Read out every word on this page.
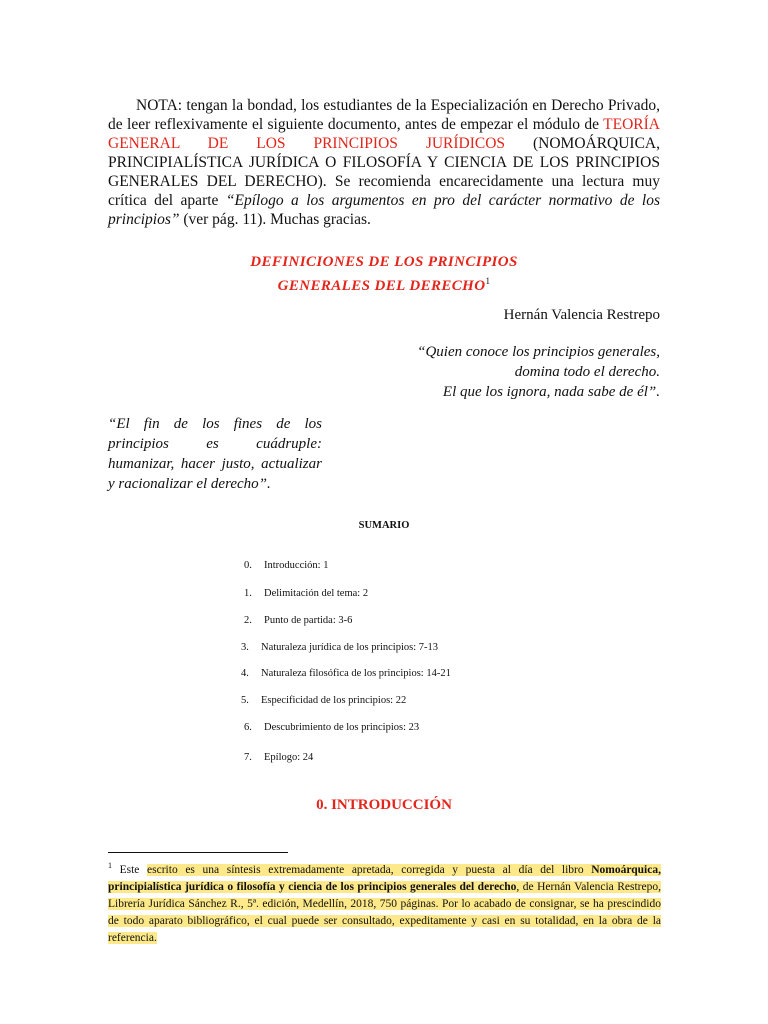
NOTA: tengan la bondad, los estudiantes de la Especialización en Derecho Privado, de leer reflexivamente el siguiente documento, antes de empezar el módulo de TEORÍA GENERAL DE LOS PRINCIPIOS JURÍDICOS (NOMOÁRQUICA, PRINCIPIALÍSTICA JURÍDICA O FILOSOFÍA Y CIENCIA DE LOS PRINCIPIOS GENERALES DEL DERECHO). Se recomienda encarecidamente una lectura muy crítica del aparte “Epílogo a los argumentos en pro del carácter normativo de los principios” (ver pág. 11). Muchas gracias.

DEFINICIONES DE LOS PRINCIPIOS
GENERALES DEL DERECHO$^1$
Hernán Valencia Restrepo
“Quien conoce los principios generales,
domina todo el derecho.
El que los ignora, nada sabe de él”.
“El fin de los fines de los principios es cuádruple: humanizar, hacer justo, actualizar y racionalizar el derecho”.
SUMARIO
0. Introducción: 1
1. Delimitación del tema: 2
2. Punto de partida: 3-6
3. Naturaleza jurídica de los principios: 7-13
4. Naturaleza filosófica de los principios: 14-21
5. Especificidad de los principios: 22
6. Descubrimiento de los principios: 23
7. Epílogo: 24
0. INTRODUCCIÓN

$^1$ Este escrito es una síntesis extremadamente apretada, corregida y puesta al día del libro Nomoárquica, principialística jurídica o filosofía y ciencia de los principios generales del derecho, de Hernán Valencia Restrepo, Librería Jurídica Sánchez R., 5ª. edición, Medellín, 2018, 750 páginas. Por lo acabado de consignar, se ha prescindido de todo aparato bibliográfico, el cual puede ser consultado, expeditamente y casi en su totalidad, en la obra de la referencia.
